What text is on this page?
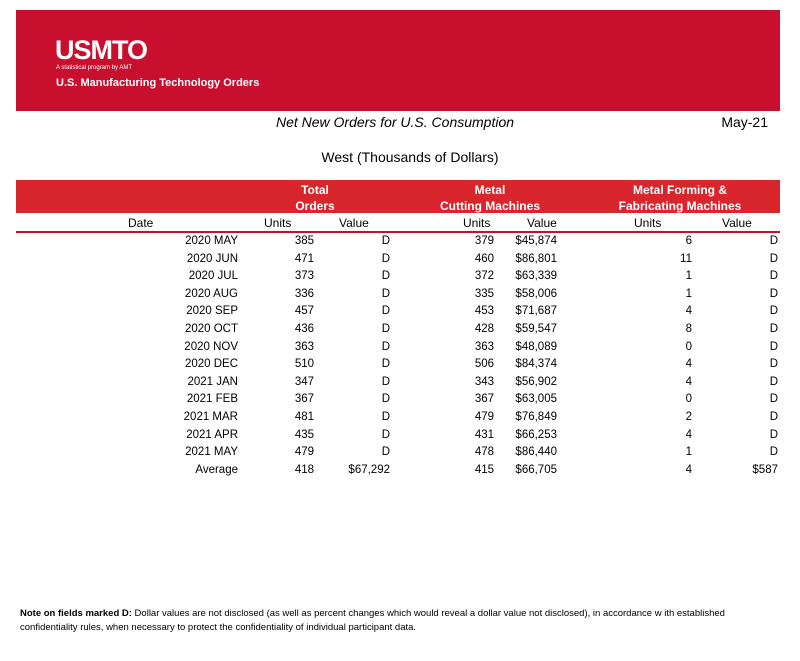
USMTO
A statistical program by AMT
U.S. Manufacturing Technology Orders
Net New Orders for U.S. Consumption	May-21
West (Thousands of Dollars)
Total
Orders
Metal
Cutting Machines
Metal Forming &
Fabricating Machines
Date	Units	Value	Units	Value	Units	Value
2020 MAY	385	D	379 $45,874	6	D
2020 JUN	471	D	460 $86,801	11	D
2020 JUL	373	D	372 $63,339	1	D
2020 AUG	336	D	335 $58,006	1	D
2020 SEP	457	D	453 $71,687	4	D
2020 OCT	436	D	428 $59,547	8	D
2020 NOV	363	D	363 $48,089	0	D
2020 DEC	510	D	506 $84,374	4	D
2021 JAN	347	D	343 $56,902	4	D
2021 FEB	367	D	367 $63,005	0	D
2021 MAR	481	D	479 $76,849	2	D
2021 APR	435	D	431 $66,253	4	D
2021 MAY	479	D	478 $86,440	1	D
Average	418	$67,292	415 $66,705	4	$587
Note on fields marked D: Dollar values are not disclosed (as well as percent changes which would reveal a dollar value not disclosed), in accordance w ith established confidentiality rules, when necessary to protect the confidentiality of individual participant data.
